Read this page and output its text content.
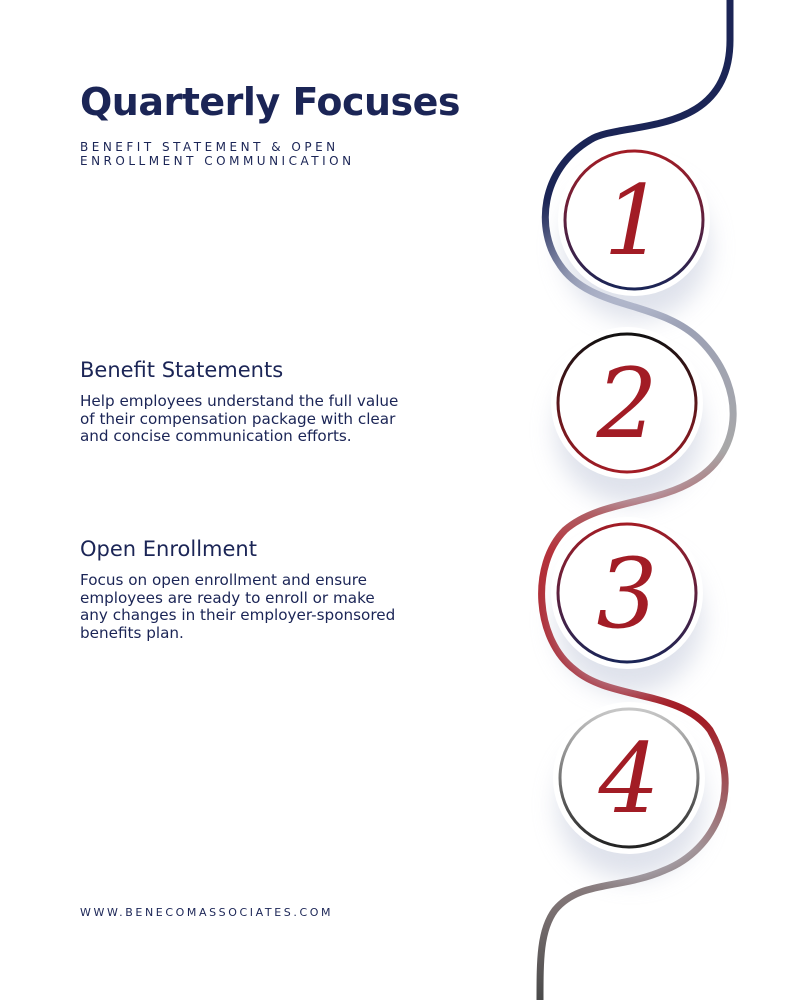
1
2
3
4
Quarterly Focuses
BENEFIT STATEMENT & OPEN ENROLLMENT COMMUNICATION
Benefit Statements

Help employees understand the full value of their compensation package with clear and concise communication efforts.

Open Enrollment

Focus on open enrollment and ensure employees are ready to enroll or make any changes in their employer-sponsored benefits plan.

WWW.BENECOMASSOCIATES.COM
